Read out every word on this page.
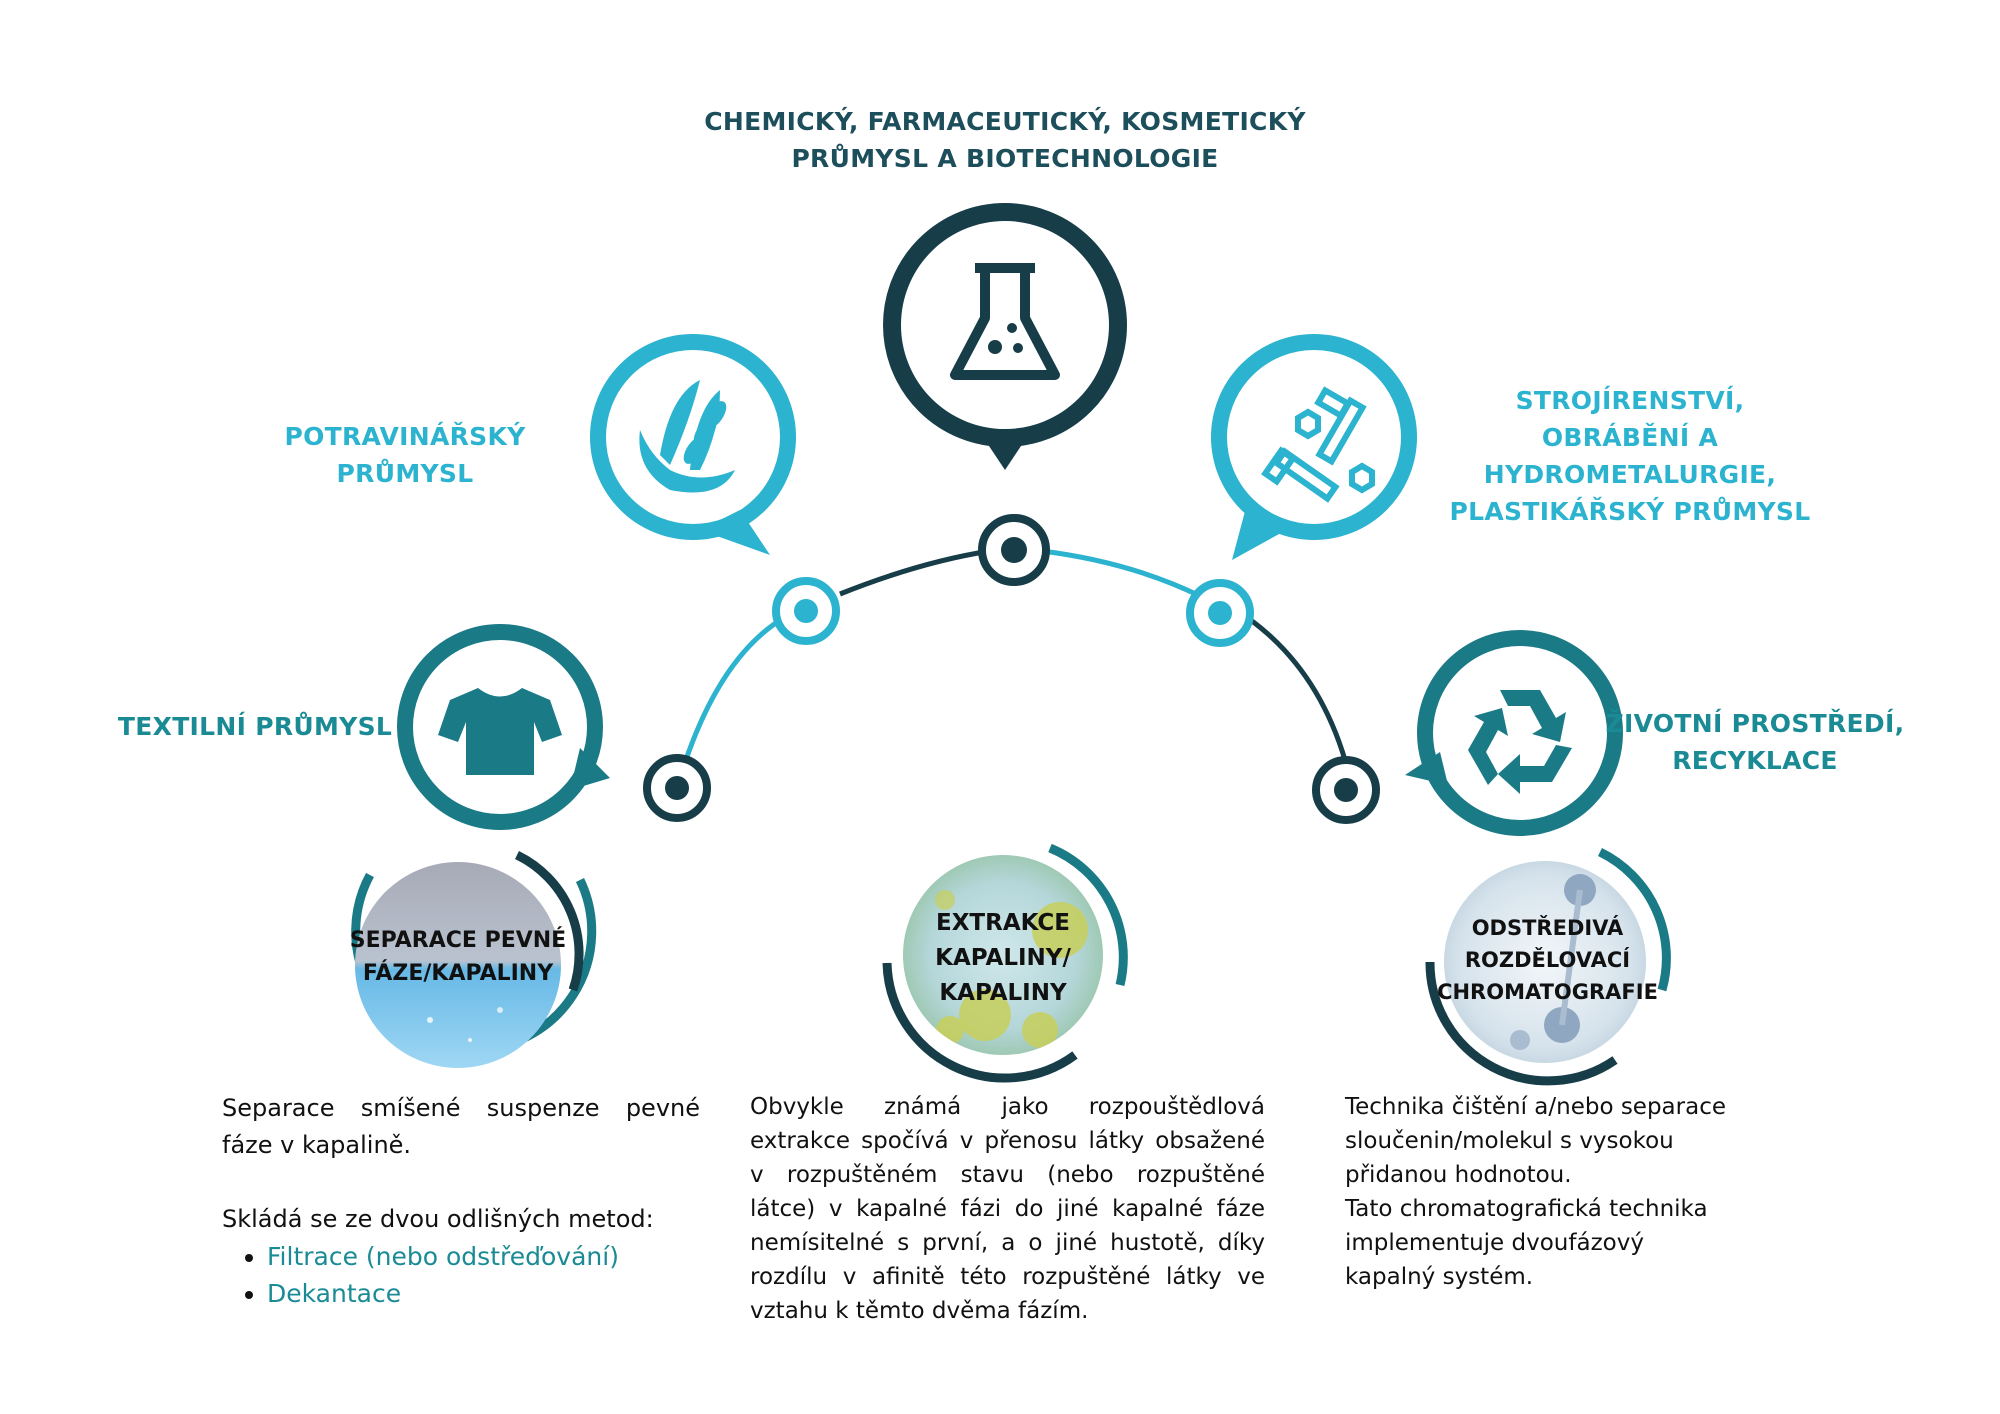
CHEMICKÝ, FARMACEUTICKÝ, KOSMETICKÝ
PRŮMYSL A BIOTECHNOLOGIE
POTRAVINÁŘSKÝ
PRŮMYSL
STROJÍRENSTVÍ,
OBRÁBĚNÍ A
HYDROMETALURGIE,
PLASTIKÁŘSKÝ PRŮMYSL
TEXTILNÍ PRŮMYSL	ŽIVOTNÍ PROSTŘEDÍ,
RECYKLACE
SEPARACE PEVNÉ
FÁZE/KAPALINY
EXTRAKCE
KAPALINY/
KAPALINY
ODSTŘEDIVÁ
ROZDĚLOVACÍ
CHROMATOGRAFIE

Separace smíšené suspenze pevné fáze v kapalině.

Skládá se ze dvou odlišných metod:

• Filtrace (nebo odstřeďování)
• Dekantace

Obvykle známá jako rozpouštědlová extrakce spočívá v přenosu látky obsažené v rozpuštěném stavu (nebo rozpuštěné látce) v kapalné fázi do jiné kapalné fáze nemísitelné s první, a o jiné hustotě, díky rozdílu v afinitě této rozpuštěné látky ve vztahu k těmto dvěma fázím.

Technika čištění a/nebo separace

sloučenin/molekul s vysokou

přidanou hodnotou.

Tato chromatografická technika

implementuje dvoufázový

kapalný systém.
